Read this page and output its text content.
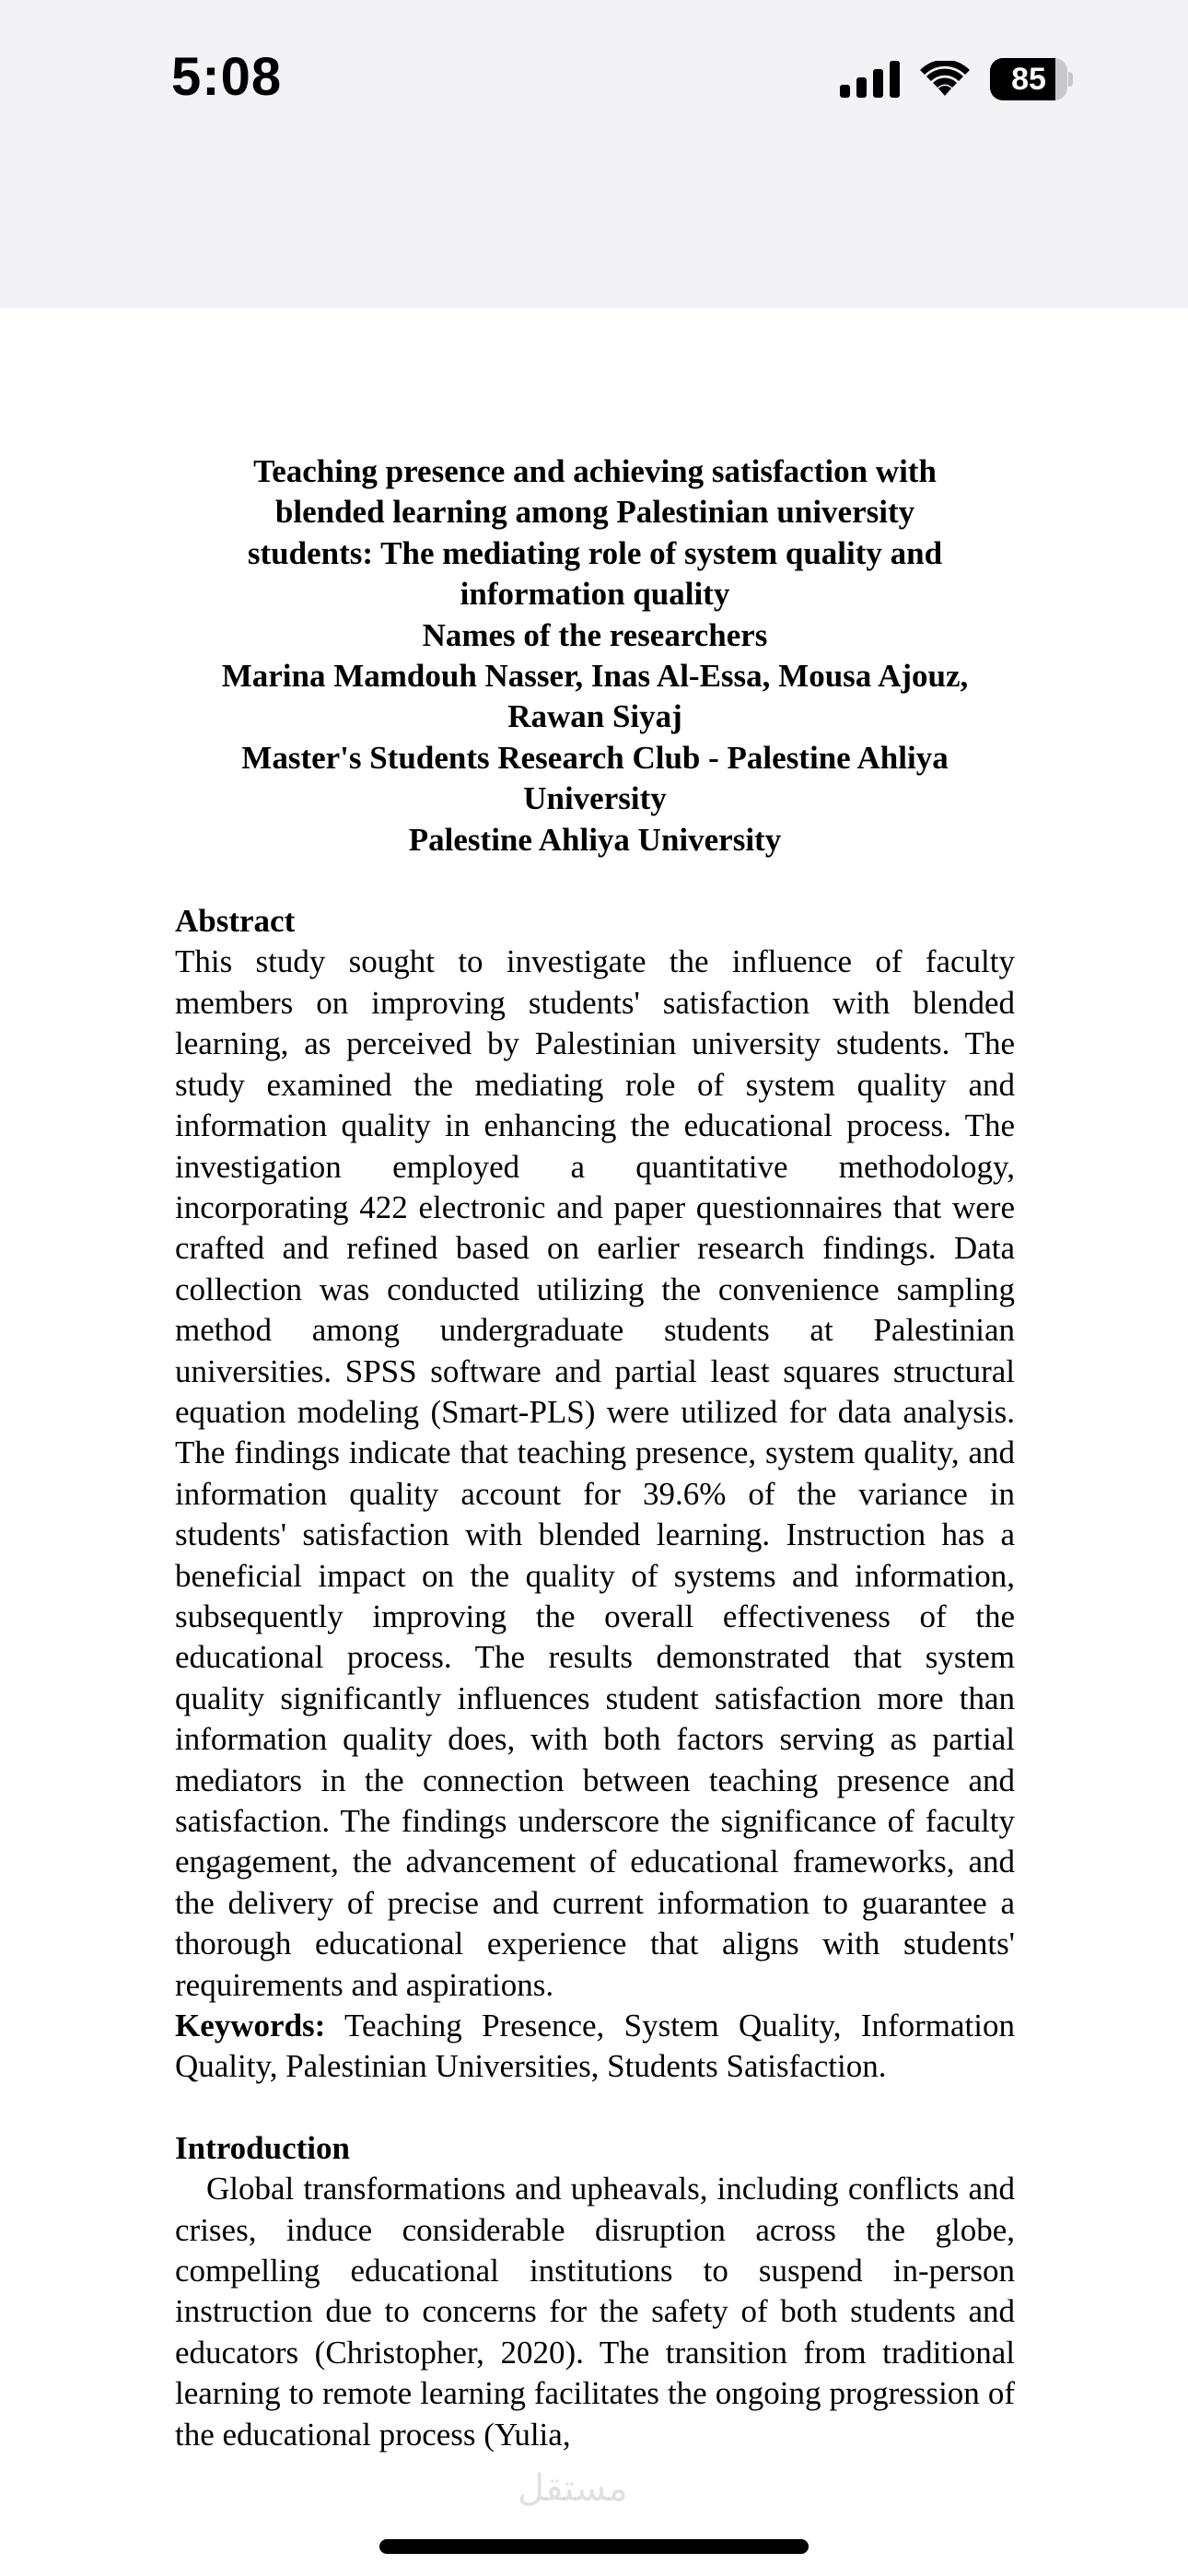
5:08	85
Teaching presence and achieving satisfaction with
blended learning among Palestinian university
students: The mediating role of system quality and
information quality
Names of the researchers
Marina Mamdouh Nasser, Inas Al-Essa, Mousa Ajouz,
Rawan Siyaj
Master's Students Research Club - Palestine Ahliya
University
Palestine Ahliya University
Abstract

This study sought to investigate the influence of faculty members on improving students' satisfaction with blended learning, as perceived by Palestinian university students. The study examined the mediating role of system quality and information quality in enhancing the educational process. The investigation employed a quantitative methodology, incorporating 422 electronic and paper questionnaires that were crafted and refined based on earlier research findings. Data collection was conducted utilizing the convenience sampling method among undergraduate students at Palestinian universities. SPSS software and partial least squares structural equation modeling (Smart-PLS) were utilized for data analysis. The findings indicate that teaching presence, system quality, and information quality account for 39.6% of the variance in students' satisfaction with blended learning. Instruction has a beneficial impact on the quality of systems and information, subsequently improving the overall effectiveness of the educational process. The results demonstrated that system quality significantly influences student satisfaction more than information quality does, with both factors serving as partial mediators in the connection between teaching presence and satisfaction. The findings underscore the significance of faculty engagement, the advancement of educational frameworks, and the delivery of precise and current information to guarantee a thorough educational experience that aligns with students' requirements and aspirations.

Keywords: Teaching Presence, System Quality, Information Quality, Palestinian Universities, Students Satisfaction.

Introduction

Global transformations and upheavals, including conflicts and crises, induce considerable disruption across the globe, compelling educational institutions to suspend in-person instruction due to concerns for the safety of both students and educators (Christopher, 2020). The transition from traditional learning to remote learning facilitates the ongoing progression of the educational process (Yulia,

مستقل
